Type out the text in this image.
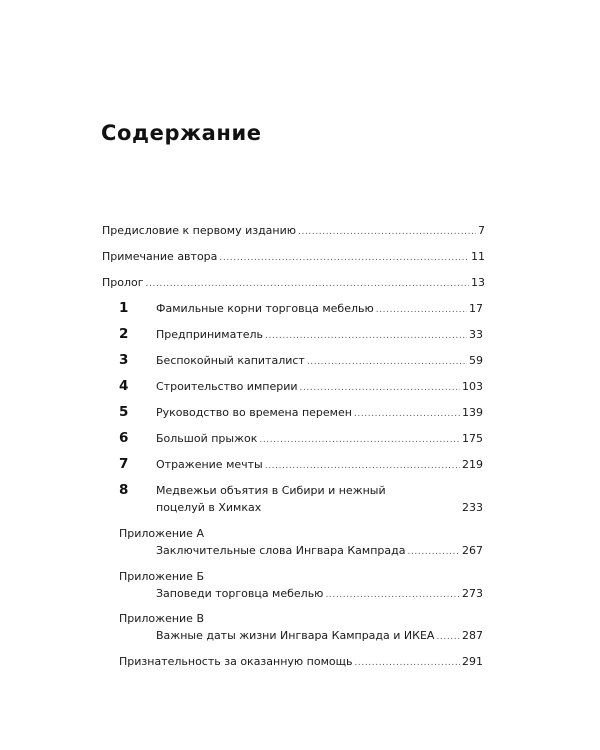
Содержание
Предисловие к первому изданию .....	7
Примечание автора .....	11
Пролог .....	13
1	Фамильные корни торговца мебелью .....	17
2	Предприниматель .....	33
3	Беспокойный капиталист .....	59
4	Строительство империи .....	103
5	Руководство во времена перемен .....	139
6	Большой прыжок .....	175
7	Отражение мечты .....	219
8	Медвежьи объятия в Сибири и нежный
поцелуй в Химках	233
Приложение А
Заключительные слова Ингвара Кампрада .....	267
Приложение Б
Заповеди торговца мебелью .....	273
Приложение В
Важные даты жизни Ингвара Кампрада и ИКЕА .....	287
Признательность за оказанную помощь .....	291
